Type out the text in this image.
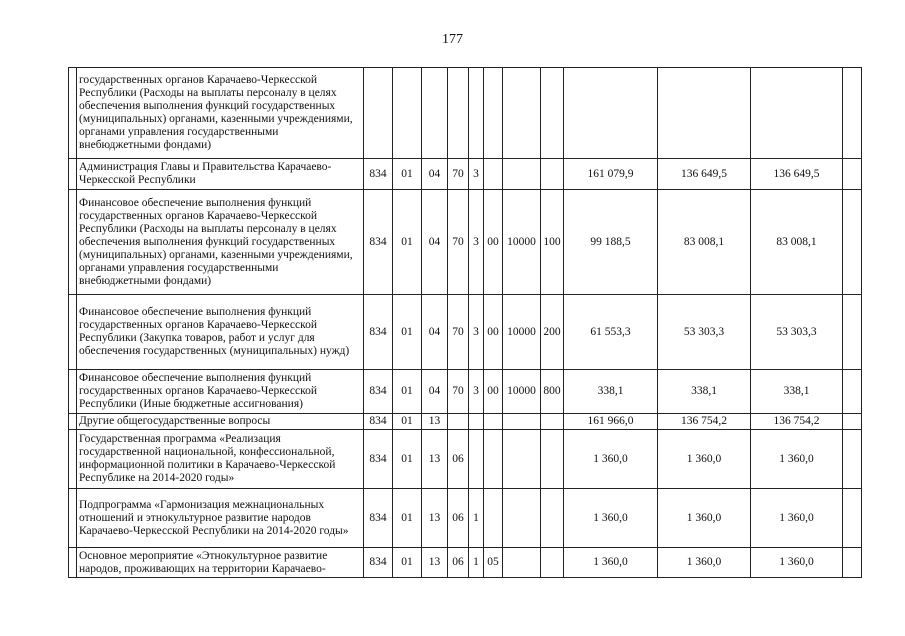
177
	государственных органов Карачаево-Черкесской Республики (Расходы на выплаты персоналу в целях обеспечения выполнения функций государственных (муниципальных) органами, казенными учреждениями, органами управления государственными внебюджетными фондами)												
	Администрация Главы и Правительства Карачаево-Черкесской Республики	834	01	04	70	3				161 079,9	136 649,5	136 649,5	
	Финансовое обеспечение выполнения функций государственных органов Карачаево-Черкесской Республики (Расходы на выплаты персоналу в целях обеспечения выполнения функций государственных (муниципальных) органами, казенными учреждениями, органами управления государственными внебюджетными фондами)	834	01	04	70	3	00	10000	100	99 188,5	83 008,1	83 008,1	
	Финансовое обеспечение выполнения функций государственных органов Карачаево-Черкесской Республики (Закупка товаров, работ и услуг для обеспечения государственных (муниципальных) нужд)	834	01	04	70	3	00	10000	200	61 553,3	53 303,3	53 303,3	
	Финансовое обеспечение выполнения функций государственных органов Карачаево-Черкесской Республики (Иные бюджетные ассигнования)	834	01	04	70	3	00	10000	800	338,1	338,1	338,1	
	Другие общегосударственные вопросы	834	01	13						161 966,0	136 754,2	136 754,2	
	Государственная программа «Реализация государственной национальной, конфессиональной, информационной политики в Карачаево-Черкесской Республике на 2014-2020 годы»	834	01	13	06					1 360,0	1 360,0	1 360,0	
	Подпрограмма «Гармонизация межнациональных отношений и этнокультурное развитие народов Карачаево-Черкесской Республики на 2014-2020 годы»	834	01	13	06	1				1 360,0	1 360,0	1 360,0	
	Основное мероприятие «Этнокультурное развитие народов, проживающих на территории Карачаево-	834	01	13	06	1	05			1 360,0	1 360,0	1 360,0	
